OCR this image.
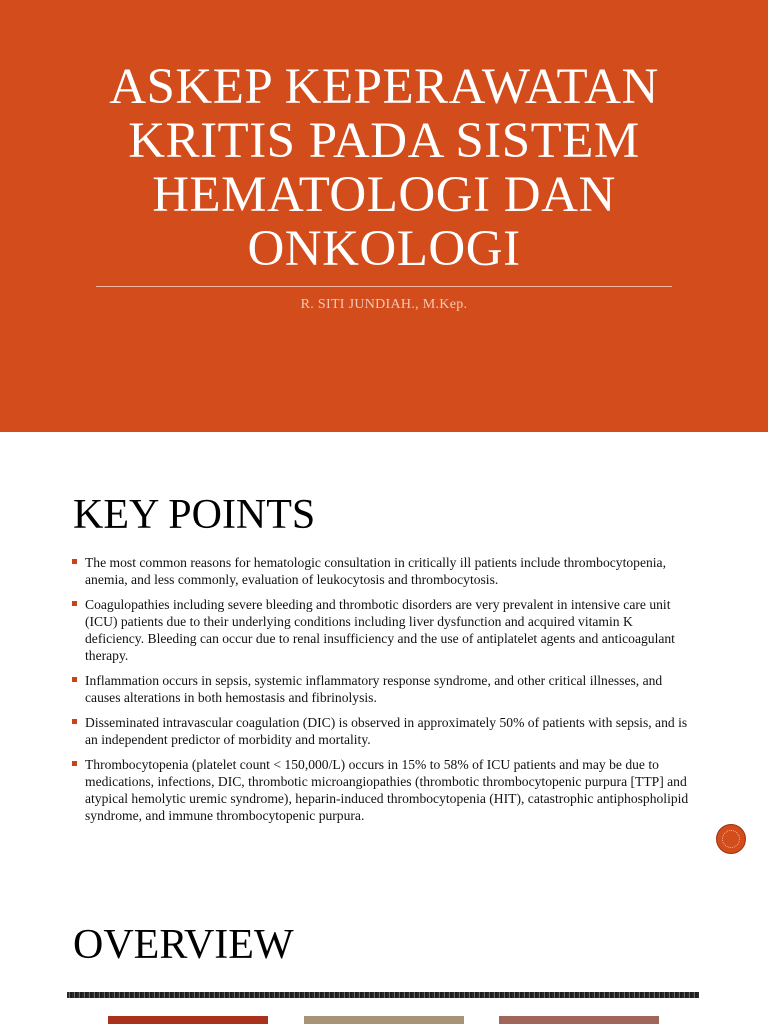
ASKEP KEPERAWATAN
KRITIS PADA SISTEM
HEMATOLOGI DAN
ONKOLOGI
R. SITI JUNDIAH., M.Kep.
KEY POINTS
The most common reasons for hematologic consultation in critically ill patients include thrombocytopenia, anemia, and less commonly, evaluation of leukocytosis and thrombocytosis.
Coagulopathies including severe bleeding and thrombotic disorders are very prevalent in intensive care unit (ICU) patients due to their underlying conditions including liver dysfunction and acquired vitamin K deficiency. Bleeding can occur due to renal insufficiency and the use of antiplatelet agents and anticoagulant therapy.
Inflammation occurs in sepsis, systemic inflammatory response syndrome, and other critical illnesses, and causes alterations in both hemostasis and fibrinolysis.
Disseminated intravascular coagulation (DIC) is observed in approximately 50% of patients with sepsis, and is an independent predictor of morbidity and mortality.
Thrombocytopenia (platelet count < 150,000/L) occurs in 15% to 58% of ICU patients and may be due to medications, infections, DIC, thrombotic microangiopathies (thrombotic thrombocytopenic purpura [TTP] and atypical hemolytic uremic syndrome), heparin-induced thrombocytopenia (HIT), catastrophic antiphospholipid syndrome, and immune thrombocytopenic purpura.
OVERVIEW
